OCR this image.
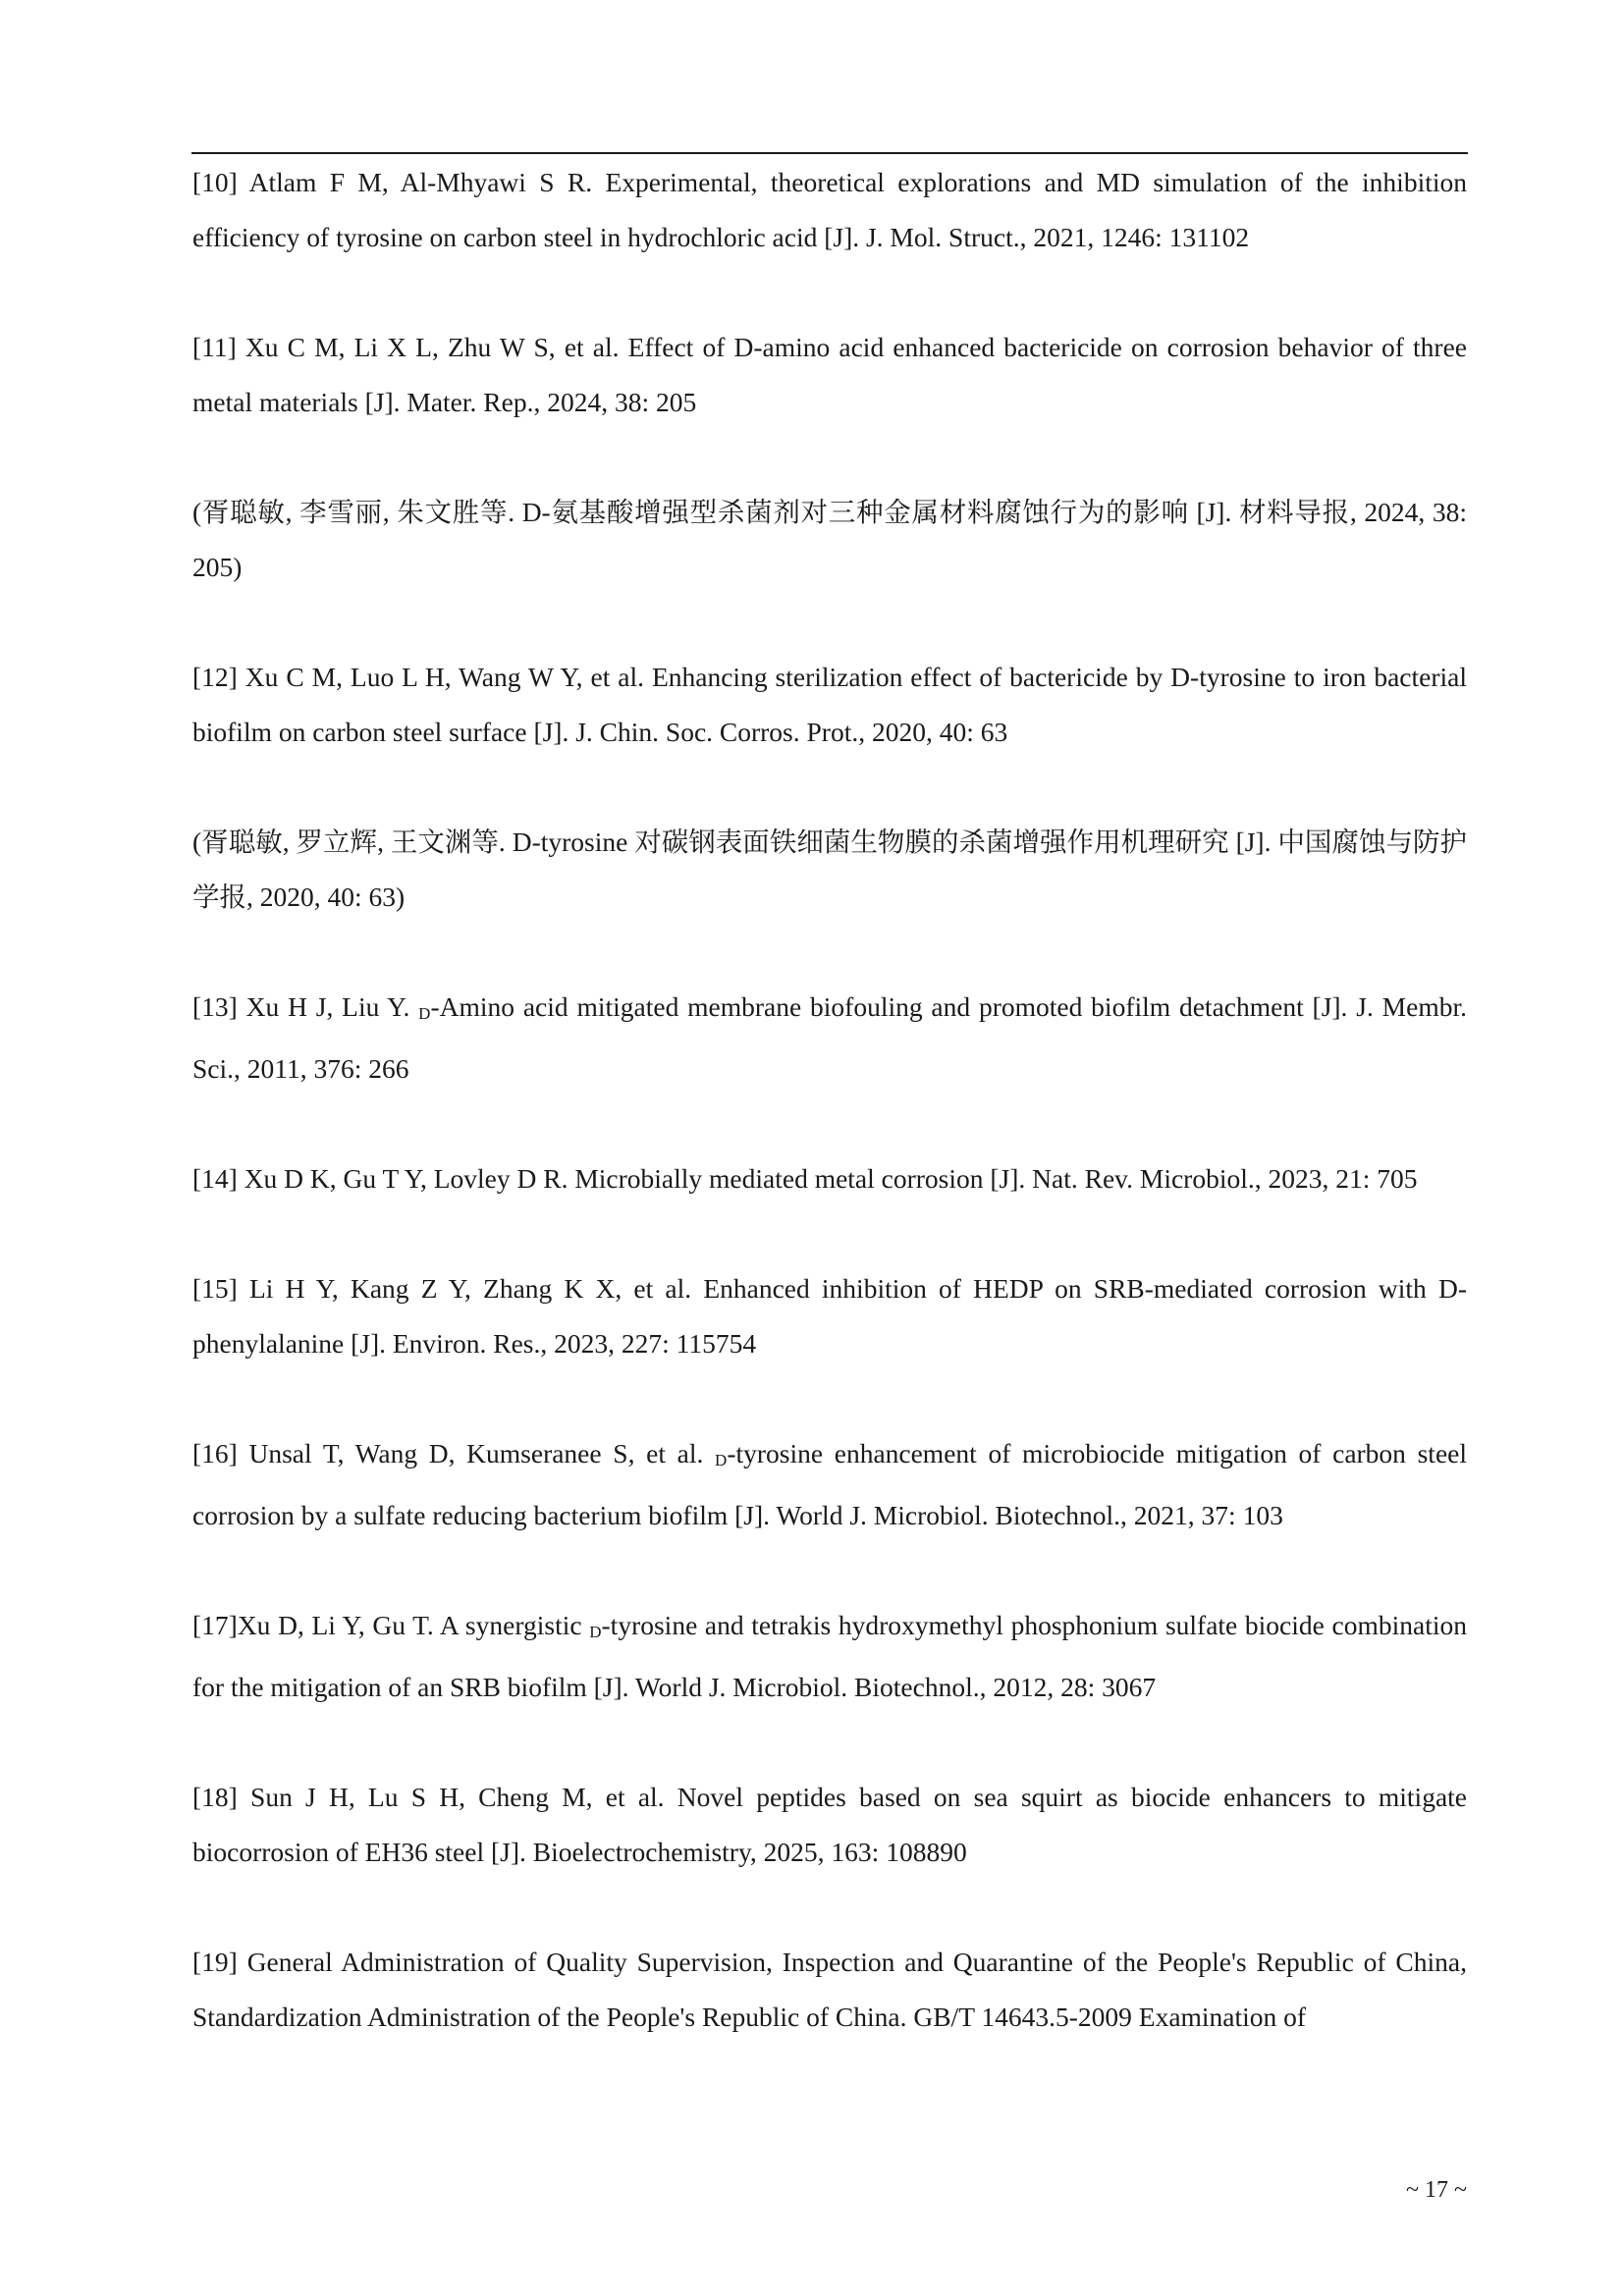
[10] Atlam F M, Al-Mhyawi S R. Experimental, theoretical explorations and MD simulation of the inhibition efficiency of tyrosine on carbon steel in hydrochloric acid [J]. J. Mol. Struct., 2021, 1246: 131102

[11] Xu C M, Li X L, Zhu W S, et al. Effect of D-amino acid enhanced bactericide on corrosion behavior of three metal materials [J]. Mater. Rep., 2024, 38: 205

(胥聪敏, 李雪丽, 朱文胜等. D-氨基酸增强型杀菌剂对三种金属材料腐蚀行为的影响 [J]. 材料导报, 2024, 38: 205)

[12] Xu C M, Luo L H, Wang W Y, et al. Enhancing sterilization effect of bactericide by D-tyrosine to iron bacterial biofilm on carbon steel surface [J]. J. Chin. Soc. Corros. Prot., 2020, 40: 63

(胥聪敏, 罗立辉, 王文渊等. D-tyrosine 对碳钢表面铁细菌生物膜的杀菌增强作用机理研究 [J]. 中国腐蚀与防护学报, 2020, 40: 63)

[13] Xu H J, Liu Y. D-Amino acid mitigated membrane biofouling and promoted biofilm detachment [J]. J. Membr. Sci., 2011, 376: 266

[14] Xu D K, Gu T Y, Lovley D R. Microbially mediated metal corrosion [J]. Nat. Rev. Microbiol., 2023, 21: 705

[15] Li H Y, Kang Z Y, Zhang K X, et al. Enhanced inhibition of HEDP on SRB-mediated corrosion with D-phenylalanine [J]. Environ. Res., 2023, 227: 115754

[16] Unsal T, Wang D, Kumseranee S, et al. D-tyrosine enhancement of microbiocide mitigation of carbon steel corrosion by a sulfate reducing bacterium biofilm [J]. World J. Microbiol. Biotechnol., 2021, 37: 103

[17]Xu D, Li Y, Gu T. A synergistic D-tyrosine and tetrakis hydroxymethyl phosphonium sulfate biocide combination for the mitigation of an SRB biofilm [J]. World J. Microbiol. Biotechnol., 2012, 28: 3067

[18] Sun J H, Lu S H, Cheng M, et al. Novel peptides based on sea squirt as biocide enhancers to mitigate biocorrosion of EH36 steel [J]. Bioelectrochemistry, 2025, 163: 108890

[19] General Administration of Quality Supervision, Inspection and Quarantine of the People's Republic of China, Standardization Administration of the People's Republic of China. GB/T 14643.5-2009 Examination of

~ 17 ~
